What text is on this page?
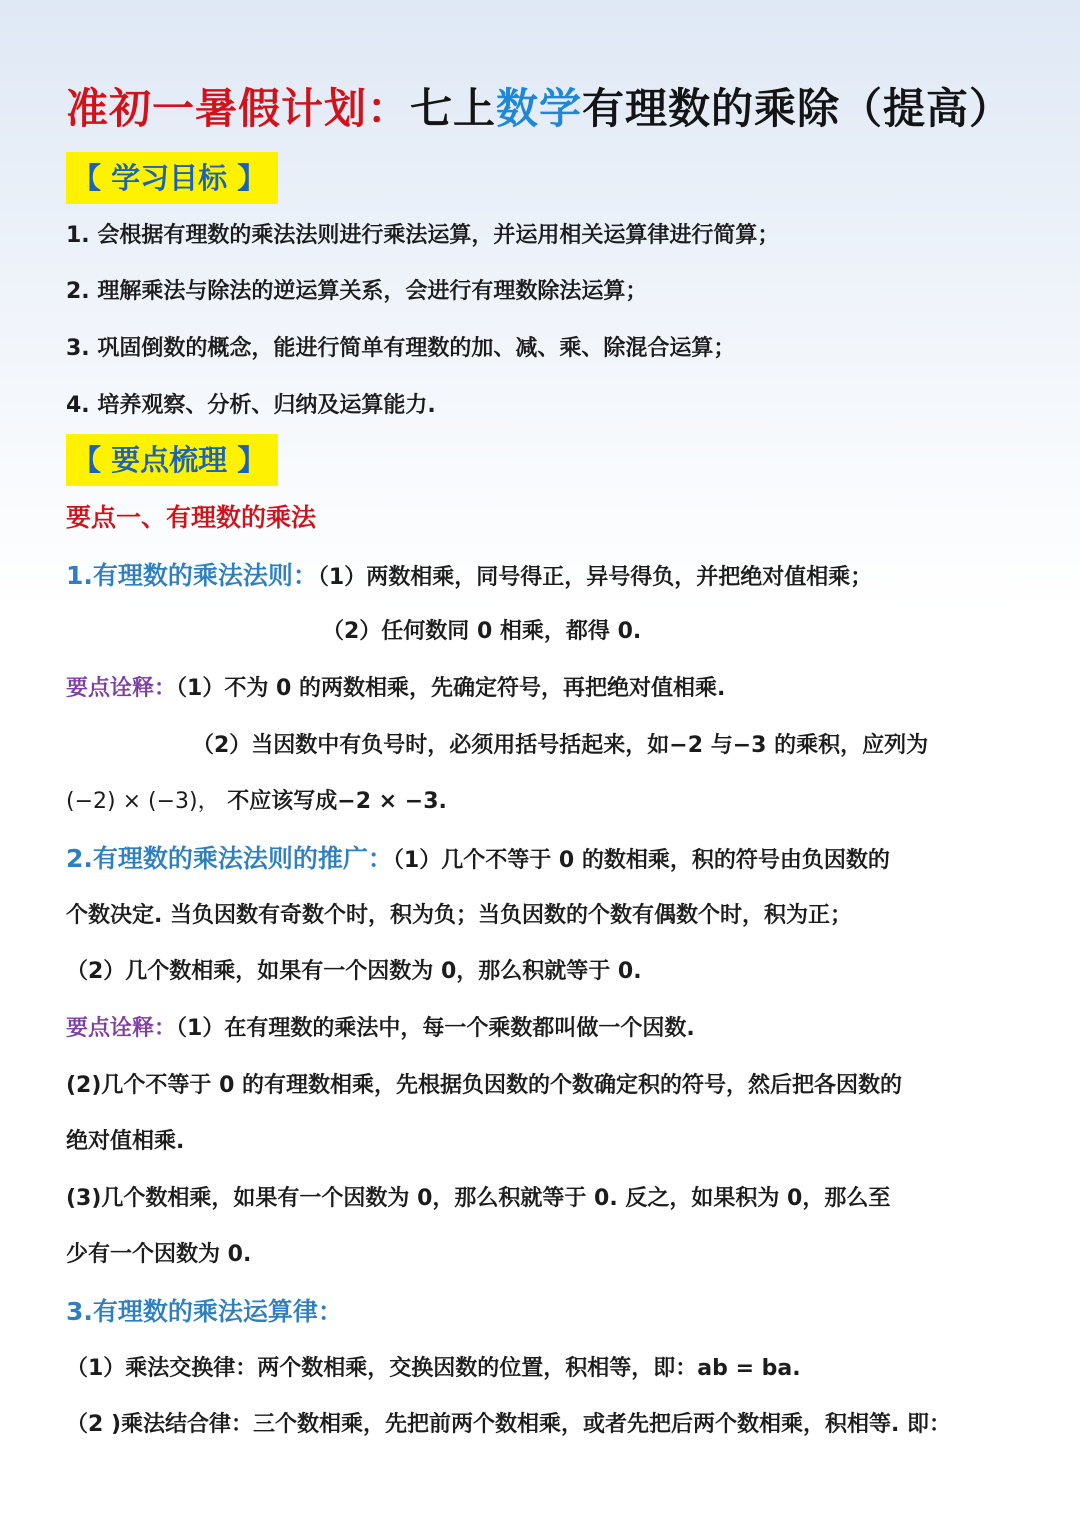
准初一暑假计划：七上数学有理数的乘除（提高）
【 学习目标 】
1. 会根据有理数的乘法法则进行乘法运算，并运用相关运算律进行简算；
2. 理解乘法与除法的逆运算关系，会进行有理数除法运算；
3. 巩固倒数的概念，能进行简单有理数的加、减、乘、除混合运算；
4. 培养观察、分析、归纳及运算能力.
【 要点梳理 】
要点一、有理数的乘法
1.有理数的乘法法则：（1）两数相乘，同号得正，异号得负，并把绝对值相乘；
（2）任何数同 0 相乘，都得 0.
要点诠释：（1）不为 0 的两数相乘，先确定符号，再把绝对值相乘.
（2）当因数中有负号时，必须用括号括起来，如−2 与−3 的乘积，应列为
(−2) × (−3)， 不应该写成−2 × −3.
2.有理数的乘法法则的推广：（1）几个不等于 0 的数相乘，积的符号由负因数的
个数决定. 当负因数有奇数个时，积为负；当负因数的个数有偶数个时，积为正；
（2）几个数相乘，如果有一个因数为 0，那么积就等于 0.
要点诠释：（1）在有理数的乘法中，每一个乘数都叫做一个因数.
(2)几个不等于 0 的有理数相乘，先根据负因数的个数确定积的符号，然后把各因数的
绝对值相乘.
(3)几个数相乘，如果有一个因数为 0，那么积就等于 0. 反之，如果积为 0，那么至
少有一个因数为 0.
3.有理数的乘法运算律：
（1）乘法交换律：两个数相乘，交换因数的位置，积相等，即：ab = ba.
（2 )乘法结合律：三个数相乘，先把前两个数相乘，或者先把后两个数相乘，积相等. 即：
